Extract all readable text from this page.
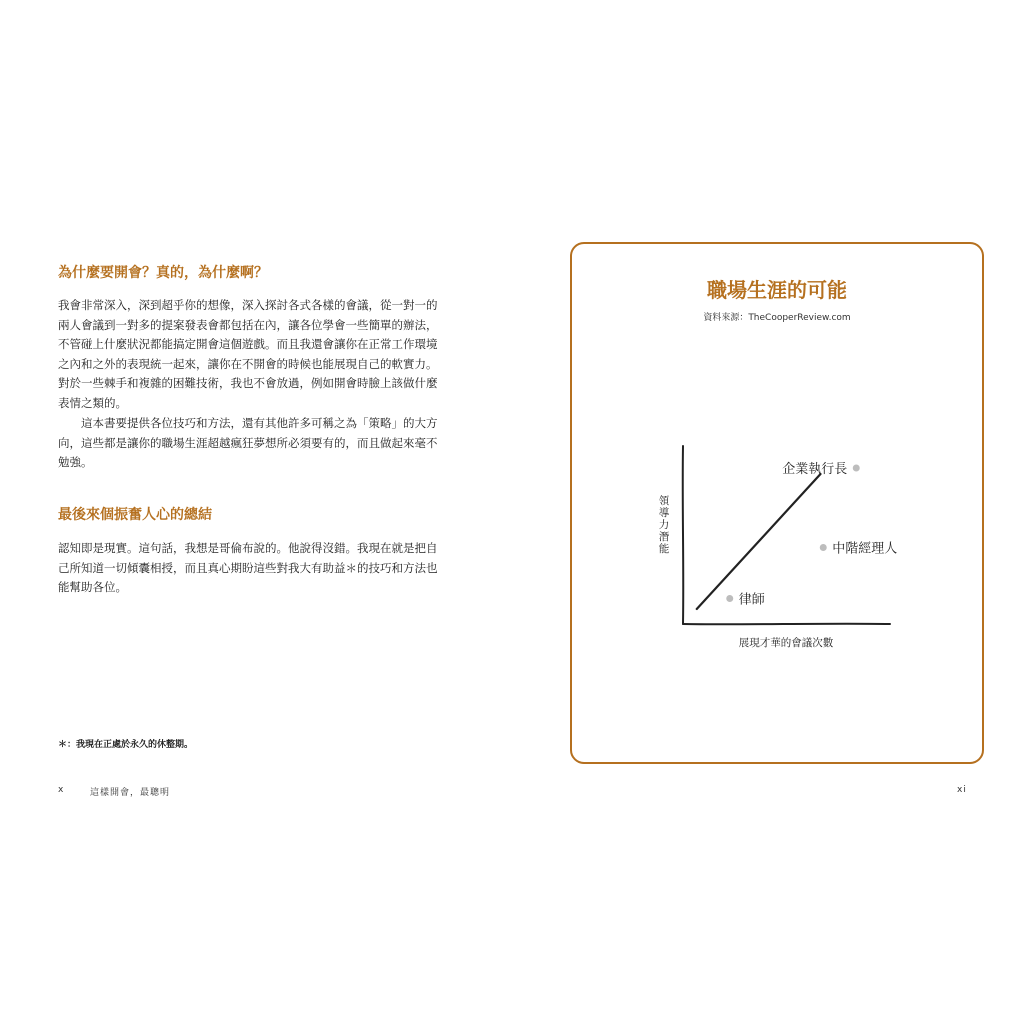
為什麼要開會？真的，為什麼啊？

我會非常深入，深到超乎你的想像，深入探討各式各樣的會議，從一對一的
兩人會議到一對多的提案發表會都包括在內，讓各位學會一些簡單的辦法，
不管碰上什麼狀況都能搞定開會這個遊戲。而且我還會讓你在正常工作環境
之內和之外的表現統一起來，讓你在不開會的時候也能展現自己的軟實力。
對於一些棘手和複雜的困難技術，我也不會放過，例如開會時臉上該做什麼
表情之類的。

　　這本書要提供各位技巧和方法，還有其他許多可稱之為「策略」的大方
向，這些都是讓你的職場生涯超越瘋狂夢想所必須要有的，而且做起來毫不
勉強。

最後來個振奮人心的總結

認知即是現實。這句話，我想是哥倫布說的。他說得沒錯。我現在就是把自
己所知道一切傾囊相授，而且真心期盼這些對我大有助益＊的技巧和方法也
能幫助各位。

＊：我現在正處於永久的休整期。
x	這樣開會，最聰明	xi
職場生涯的可能
資料來源：TheCooperReview.com
律師
中階經理人
企業執行長
展現才華的會議次數
領
導
力
潛
能
